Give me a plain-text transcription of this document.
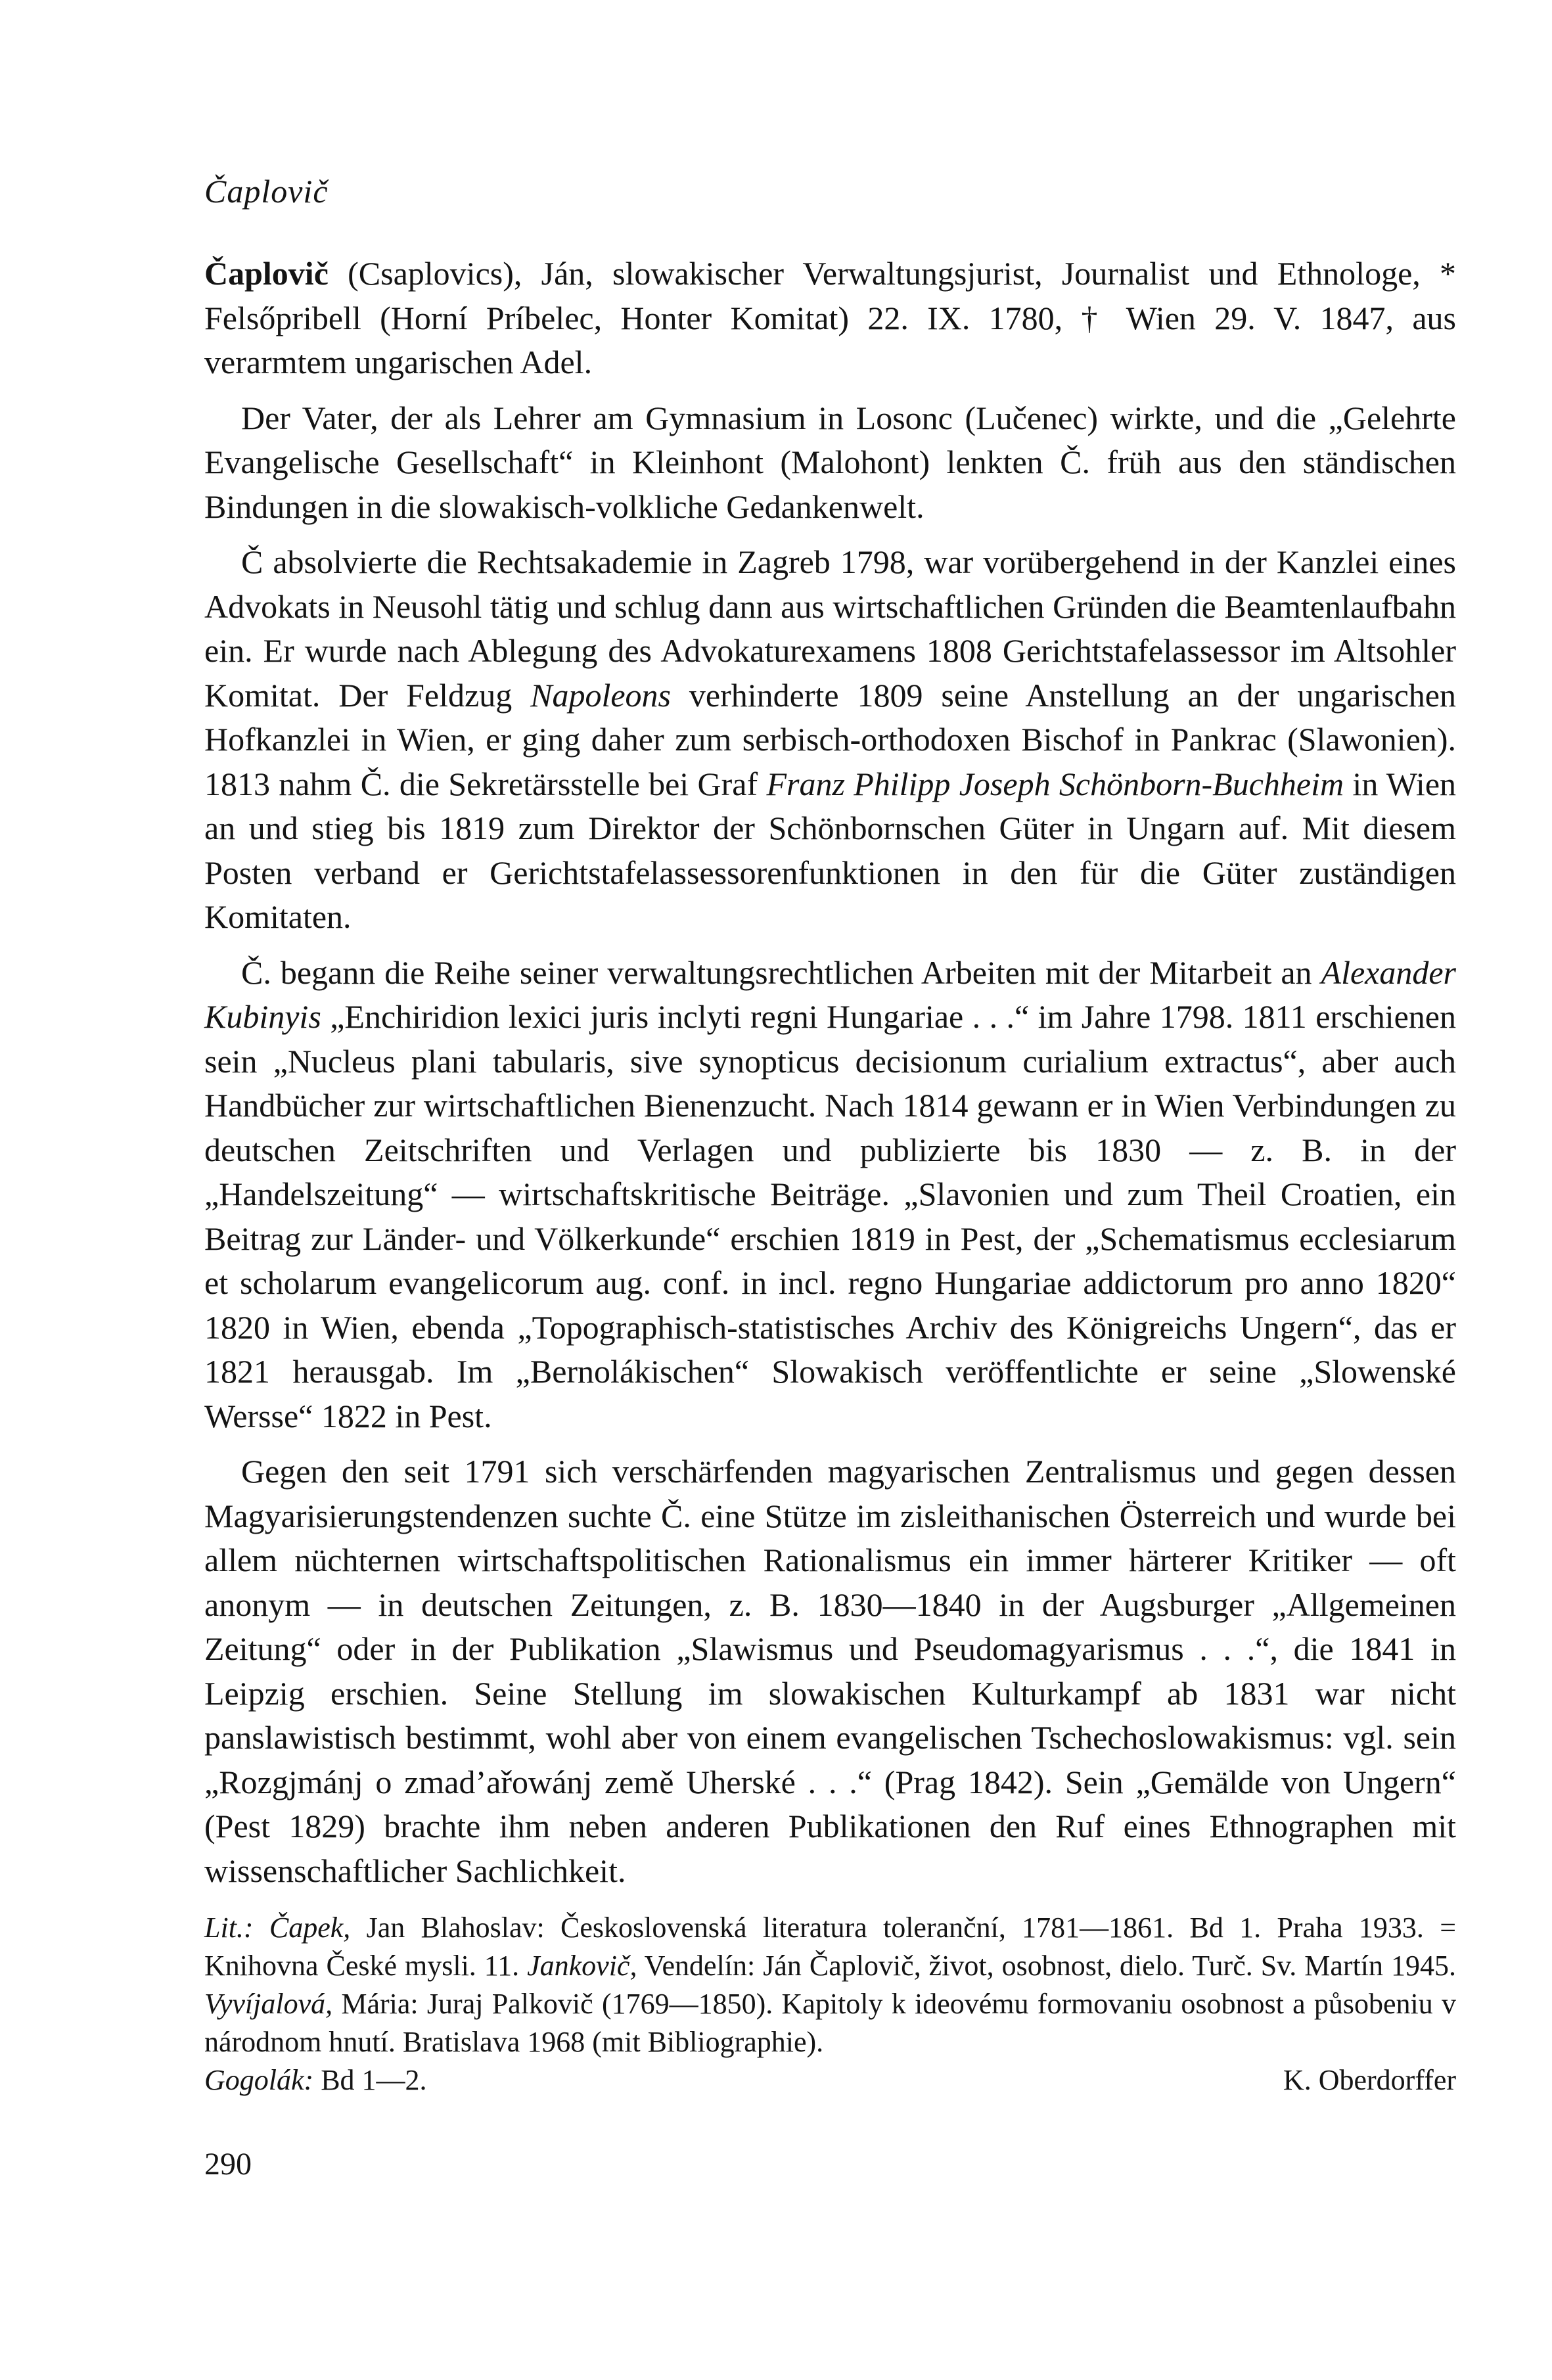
Čaplovič

Čaplovič (Csaplovics), Ján, slowakischer Verwaltungsjurist, Journalist und Ethnologe, * Felsőpribell (Horní Príbelec, Honter Komitat) 22. IX. 1780, † Wien 29. V. 1847, aus verarmtem ungarischen Adel.

Der Vater, der als Lehrer am Gymnasium in Losonc (Lučenec) wirkte, und die „Gelehrte Evangelische Gesellschaft“ in Kleinhont (Malohont) lenkten Č. früh aus den ständischen Bindungen in die slowakisch-volkliche Gedankenwelt.

Č absolvierte die Rechtsakademie in Zagreb 1798, war vorübergehend in der Kanzlei eines Advokats in Neusohl tätig und schlug dann aus wirtschaftlichen Gründen die Beamtenlaufbahn ein. Er wurde nach Ablegung des Advokaturexamens 1808 Gerichtstafelassessor im Altsohler Komitat. Der Feldzug Napoleons verhinderte 1809 seine Anstellung an der ungarischen Hofkanzlei in Wien, er ging daher zum serbisch-orthodoxen Bischof in Pankrac (Slawonien). 1813 nahm Č. die Sekretärsstelle bei Graf Franz Philipp Joseph Schönborn-Buchheim in Wien an und stieg bis 1819 zum Direktor der Schönbornschen Güter in Ungarn auf. Mit diesem Posten verband er Gerichtstafelassessorenfunktionen in den für die Güter zuständigen Komitaten.

Č. begann die Reihe seiner verwaltungsrechtlichen Arbeiten mit der Mitarbeit an Alexander Kubinyis „Enchiridion lexici juris inclyti regni Hungariae . . .“ im Jahre 1798. 1811 erschienen sein „Nucleus plani tabularis, sive synopticus decisionum curialium extractus“, aber auch Handbücher zur wirtschaftlichen Bienenzucht. Nach 1814 gewann er in Wien Verbindungen zu deutschen Zeitschriften und Verlagen und publizierte bis 1830 — z. B. in der „Handelszeitung“ — wirtschaftskritische Beiträge. „Slavonien und zum Theil Croatien, ein Beitrag zur Länder- und Völkerkunde“ erschien 1819 in Pest, der „Schematismus ecclesiarum et scholarum evangelicorum aug. conf. in incl. regno Hungariae addictorum pro anno 1820“ 1820 in Wien, ebenda „Topographisch-statistisches Archiv des Königreichs Ungern“, das er 1821 herausgab. Im „Bernolákischen“ Slowakisch veröffentlichte er seine „Slowenské Wersse“ 1822 in Pest.

Gegen den seit 1791 sich verschärfenden magyarischen Zentralismus und gegen dessen Magyarisierungstendenzen suchte Č. eine Stütze im zisleithanischen Österreich und wurde bei allem nüchternen wirtschaftspolitischen Rationalismus ein immer härterer Kritiker — oft anonym — in deutschen Zeitungen, z. B. 1830—1840 in der Augsburger „Allgemeinen Zeitung“ oder in der Publikation „Slawismus und Pseudomagyarismus . . .“, die 1841 in Leipzig erschien. Seine Stellung im slowakischen Kulturkampf ab 1831 war nicht panslawistisch bestimmt, wohl aber von einem evangelischen Tschechoslowakismus: vgl. sein „Rozgjmánj o zmad’ařowánj země Uherské . . .“ (Prag 1842). Sein „Gemälde von Ungern“ (Pest 1829) brachte ihm neben anderen Publikationen den Ruf eines Ethnographen mit wissenschaftlicher Sachlichkeit.

Lit.: Čapek, Jan Blahoslav: Československá literatura toleranční, 1781—1861. Bd 1. Praha 1933. = Knihovna České mysli. 11. Jankovič, Vendelín: Ján Čaplovič, život, osobnost, dielo. Turč. Sv. Martín 1945. Vyvíjalová, Mária: Juraj Palkovič (1769—1850). Kapitoly k ideovému formovaniu osobnost a působeniu v národnom hnutí. Bratislava 1968 (mit Bibliographie).

Gogolák: Bd 1—2.	K. Oberdorffer
290
